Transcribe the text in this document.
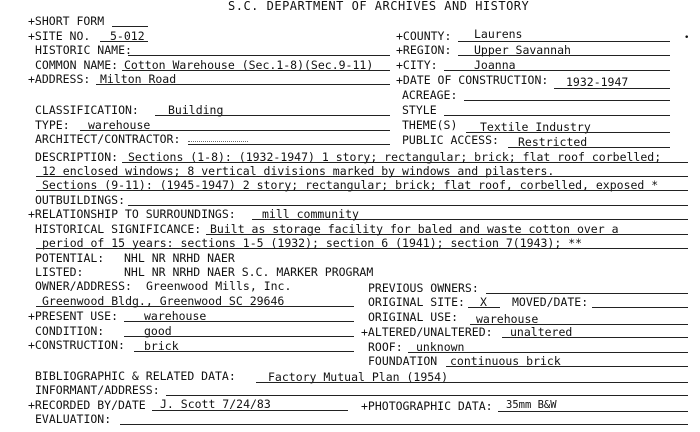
S.C. DEPARTMENT OF ARCHIVES AND HISTORY
+SHORT FORM
+SITE NO. 5-012	+COUNTY: Laurens	•
HISTORIC NAME:	+REGION: Upper Savannah
COMMON NAME: Cotton Warehouse (Sec.1-8)(Sec.9-11) +CITY:	Joanna
+ADDRESS: Milton Road	+DATE OF CONSTRUCTION: 1932-1947
ACREAGE:
CLASSIFICATION:	Building	STYLE
TYPE: warehouse	THEME(S) Textile Industry
ARCHITECT/CONTRACTOR:	PUBLIC ACCESS: Restricted
DESCRIPTION: Sections (1-8): (1932-1947) 1 story; rectangular; brick; flat roof corbelled;
12 enclosed windows; 8 vertical divisions marked by windows and pilasters.
Sections (9-11): (1945-1947) 2 story; rectangular; brick; flat roof, corbelled, exposed *
OUTBUILDINGS:
+RELATIONSHIP TO SURROUNDINGS: mill community
HISTORICAL SIGNIFICANCE: Built as storage facility for baled and waste cotton over a
period of 15 years: sections 1-5 (1932); section 6 (1941); section 7(1943); **
POTENTIAL: NHL NR NRHD NAER
LISTED:	NHL NR NRHD NAER S.C. MARKER PROGRAM
OWNER/ADDRESS: Greenwood Mills, Inc.	PREVIOUS OWNERS:
Greenwood Bldg., Greenwood SC 29646	ORIGINAL SITE: X MOVED/DATE:
+PRESENT USE: warehouse	ORIGINAL USE: warehouse
CONDITION:	good	+ALTERED/UNALTERED: unaltered
+CONSTRUCTION: brick	ROOF: unknown
FOUNDATION continuous brick
BIBLIOGRAPHIC & RELATED DATA:	Factory Mutual Plan (1954)
INFORMANT/ADDRESS:
+RECORDED BY/DATE J. Scott 7/24/83	+PHOTOGRAPHIC DATA: 35mm B&W
EVALUATION:
